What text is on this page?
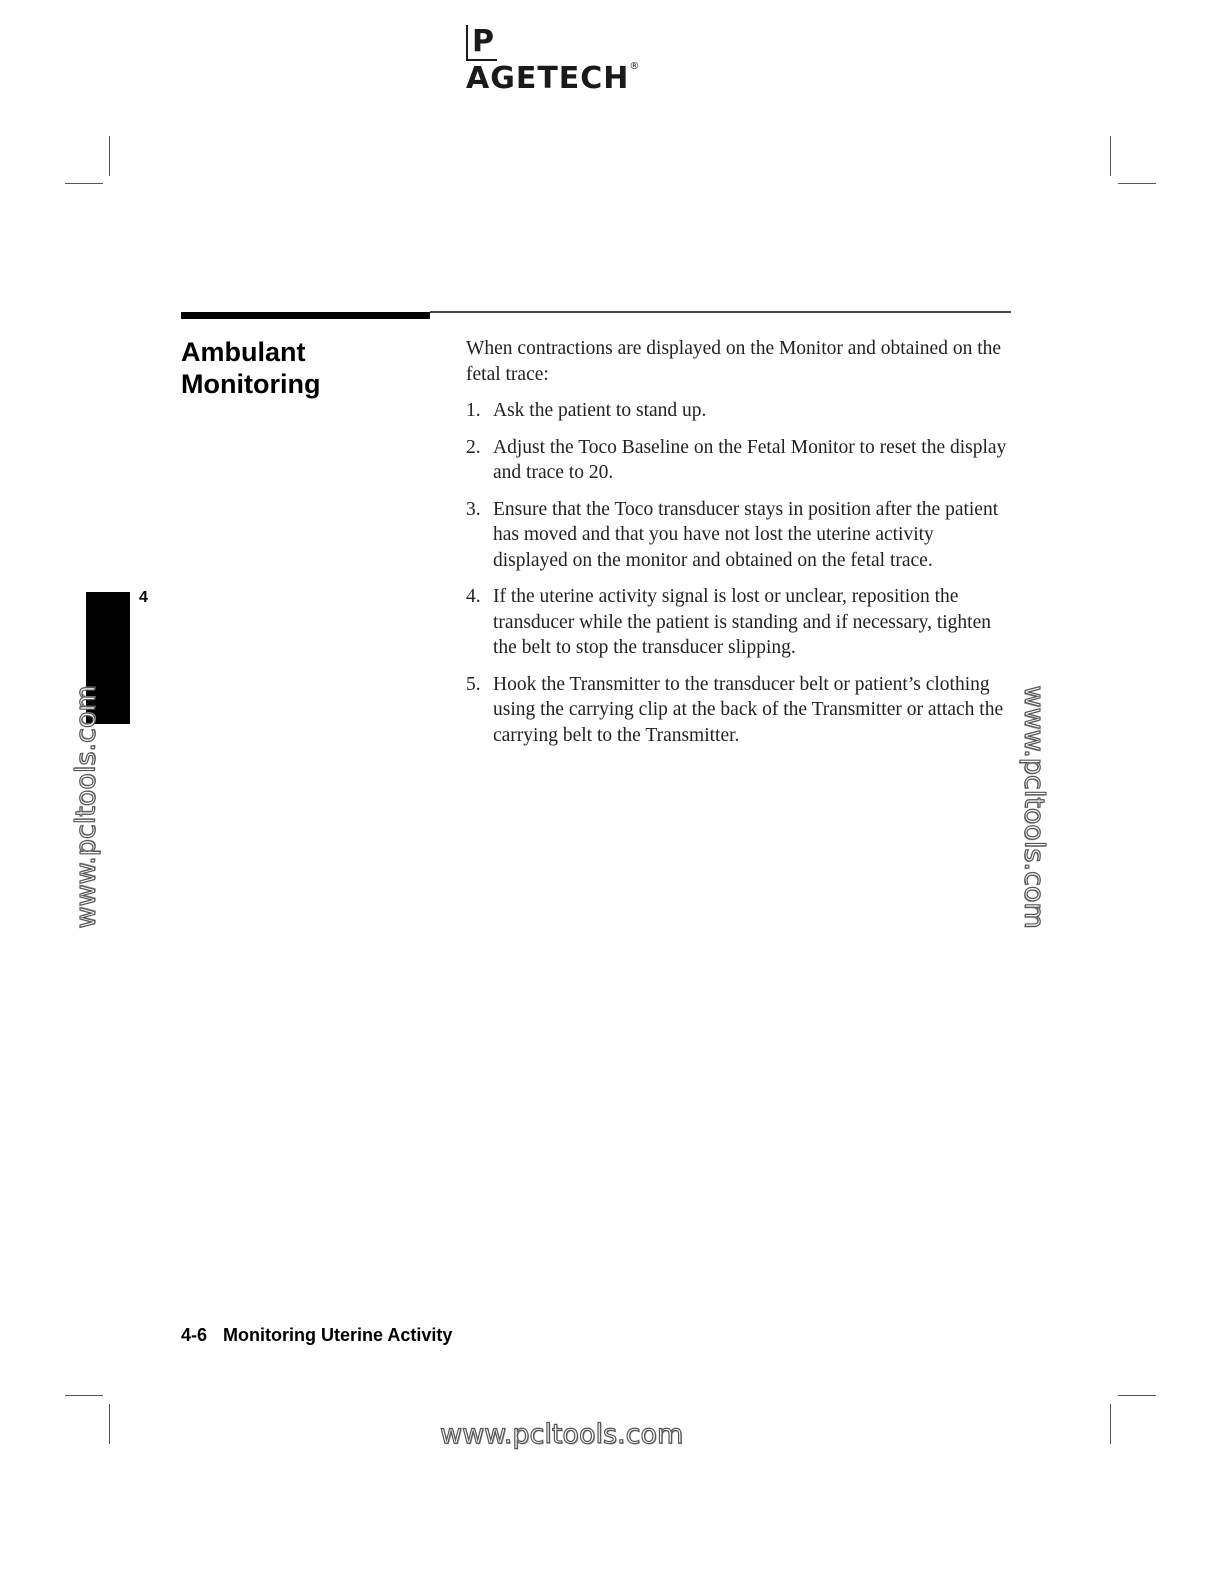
PAGETECH®
Ambulant
Monitoring

When contractions are displayed on the Monitor and obtained on the fetal trace:

1. Ask the patient to stand up.
2. Adjust the Toco Baseline on the Fetal Monitor to reset the display and trace to 20.
3. Ensure that the Toco transducer stays in position after the patient has moved and that you have not lost the uterine activity displayed on the monitor and obtained on the fetal trace.
4. If the uterine activity signal is lost or unclear, reposition the transducer while the patient is standing and if necessary, tighten the belt to stop the transducer slipping.
5. Hook the Transmitter to the transducer belt or patient’s clothing using the carrying clip at the back of the Transmitter or attach the carrying belt to the Transmitter.
4
www.pcltools.com	www.pcltools.com
www.pcltools.com
4-6 Monitoring Uterine Activity
